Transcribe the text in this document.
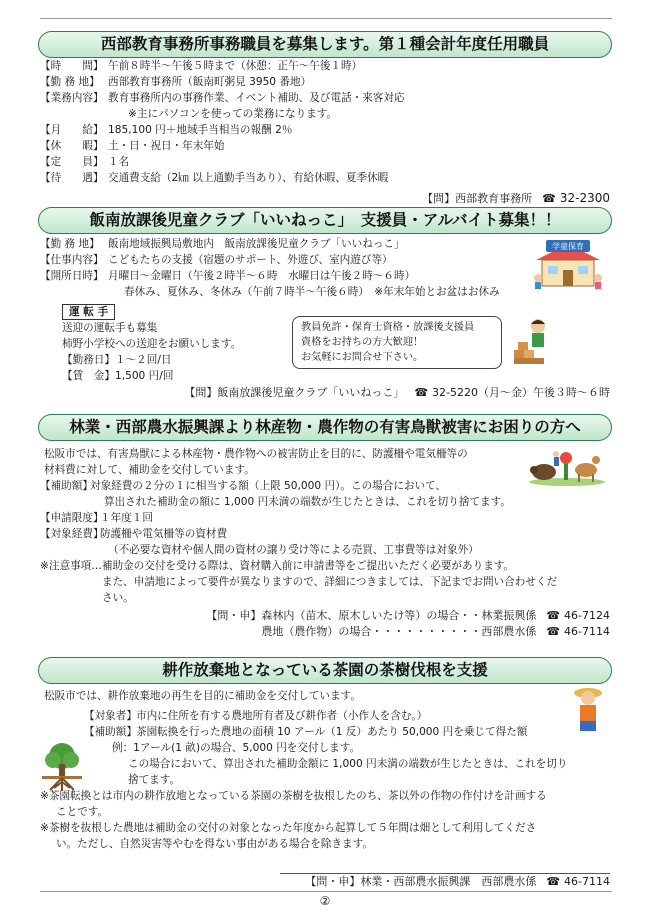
西部教育事務所事務職員を募集します。第１種会計年度任用職員
【時　　間】 午前８時半～午後５時まで（休憩：正午～午後１時）
【勤 務 地】 西部教育事務所（飯南町粥見 3950 番地）
【業務内容】 教育事務所内の事務作業、イベント補助、及び電話・来客対応
※主にパソコンを使っての業務になります。
【月　　給】 185,100 円＋地域手当相当の報酬 2％
【休　　暇】 土・日・祝日・年末年始
【定　　員】 １名
【待　　遇】 交通費支給（2㎞ 以上通勤手当あり）、有給休暇、夏季休暇
【問】西部教育事務所 ☎ 32-2300
飯南放課後児童クラブ「いいねっこ」　支援員・アルバイト募集！！
【勤 務 地】 飯南地域振興局敷地内　飯南放課後児童クラブ「いいねっこ」
【仕事内容】 こどもたちの支援（宿題のサポート、外遊び、室内遊び等）
【開所日時】 月曜日～金曜日（午後２時半～６時　水曜日は午後２時～６時）
春休み、夏休み、冬休み（午前７時半～午後６時）　※年末年始とお盆はお休み
学童保育
運 転 手
送迎の運転手も募集
柿野小学校への送迎をお願いします。
【勤務日】 １～２回/日
【賃　金】 1,500 円/回
教員免許・保育士資格・放課後支援員
資格をお持ちの方大歓迎！
お気軽にお問合せ下さい。
【問】飯南放課後児童クラブ「いいねっこ」 ☎ 32-5220（月～金）午後３時～６時
林業・西部農水振興課より林産物・農作物の有害鳥獣被害にお困りの方へ
松阪市では、有害鳥獣による林産物・農作物への被害防止を目的に、防護柵や電気柵等の
材料費に対して、補助金を交付しています。
【補助額】
対象経費の２分の１に相当する額（上限 50,000 円）。この場合において、
算出された補助金の額に 1,000 円未満の端数が生じたときは、これを切り捨てます。
【申請限度】
１年度１回
【対象経費】
防護柵や電気柵等の資材費
（不必要な資材や個人間の資材の譲り受け等による売買、工事費等は対象外）
※注意事項…補助金の交付を受ける際は、資材購入前に申請書等をご提出いただく必要があります。
また、申請地によって要件が異なりますので、詳細につきましては、下記までお問い合わせくだ
さい。
【問・申】森林内（苗木、原木しいたけ等）の場合・・林業振興係 ☎ 46-7124
農地（農作物）の場合・・・・・・・・・・西部農水係 ☎ 46-7114
耕作放棄地となっている茶園の茶樹伐根を支援
松阪市では、耕作放棄地の再生を目的に補助金を交付しています。
【対象者】 市内に住所を有する農地所有者及び耕作者（小作人を含む。）
【補助額】 茶園転換を行った農地の面積 10 アール（1 反）あたり 50,000 円を乗じて得た額
例：1アール(1 畝)の場合、5,000 円を交付します。
この場合において、算出された補助金額に 1,000 円未満の端数が生じたときは、これを切り
捨てます。
※茶園転換とは市内の耕作放地となっている茶園の茶樹を抜根したのち、茶以外の作物の作付けを計画する
ことです。
※茶樹を抜根した農地は補助金の交付の対象となった年度から起算して５年間は畑として利用してくださ
い。ただし、自然災害等やむを得ない事由がある場合を除きます。
【問・申】林業・西部農水振興課　西部農水係 ☎ 46-7114
②
